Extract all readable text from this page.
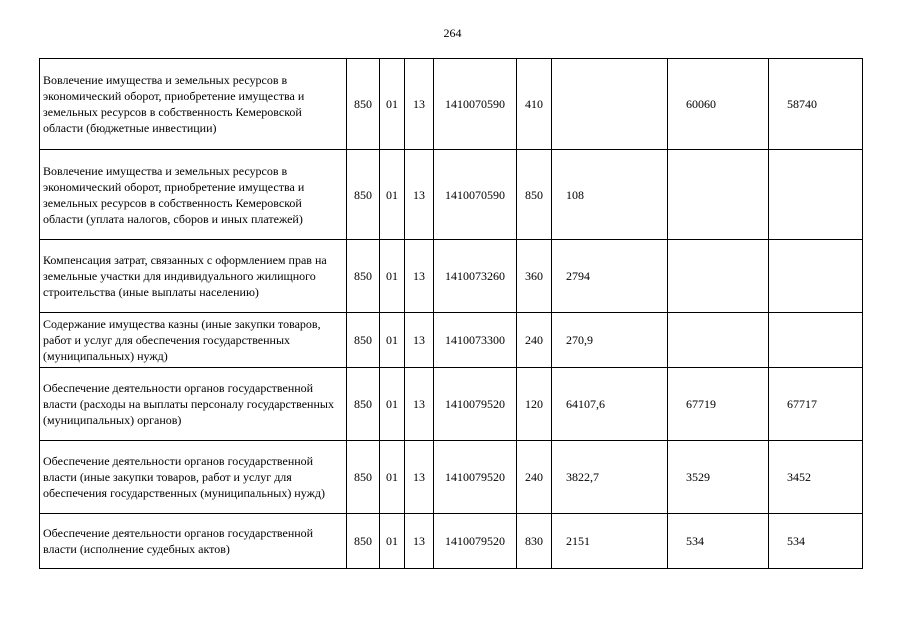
264
Вовлечение имущества и земельных ресурсов в экономический оборот, приобретение имущества и земельных ресурсов в собственность Кемеровской области (бюджетные инвестиции)	850	01	13	1410070590	410		60060	58740
Вовлечение имущества и земельных ресурсов в экономический оборот, приобретение имущества и земельных ресурсов в собственность Кемеровской области (уплата налогов, сборов и иных платежей)	850	01	13	1410070590	850	108		
Компенсация затрат, связанных с оформлением прав на земельные участки для индивидуального жилищного строительства (иные выплаты населению)	850	01	13	1410073260	360	2794		
Содержание имущества казны (иные закупки товаров, работ и услуг для обеспечения государственных (муниципальных) нужд)	850	01	13	1410073300	240	270,9		
Обеспечение деятельности органов государственной власти (расходы на выплаты персоналу государственных (муниципальных) органов)	850	01	13	1410079520	120	64107,6	67719	67717
Обеспечение деятельности органов государственной власти (иные закупки товаров, работ и услуг для обеспечения государственных (муниципальных) нужд)	850	01	13	1410079520	240	3822,7	3529	3452
Обеспечение деятельности органов государственной власти (исполнение судебных актов)	850	01	13	1410079520	830	2151	534	534
